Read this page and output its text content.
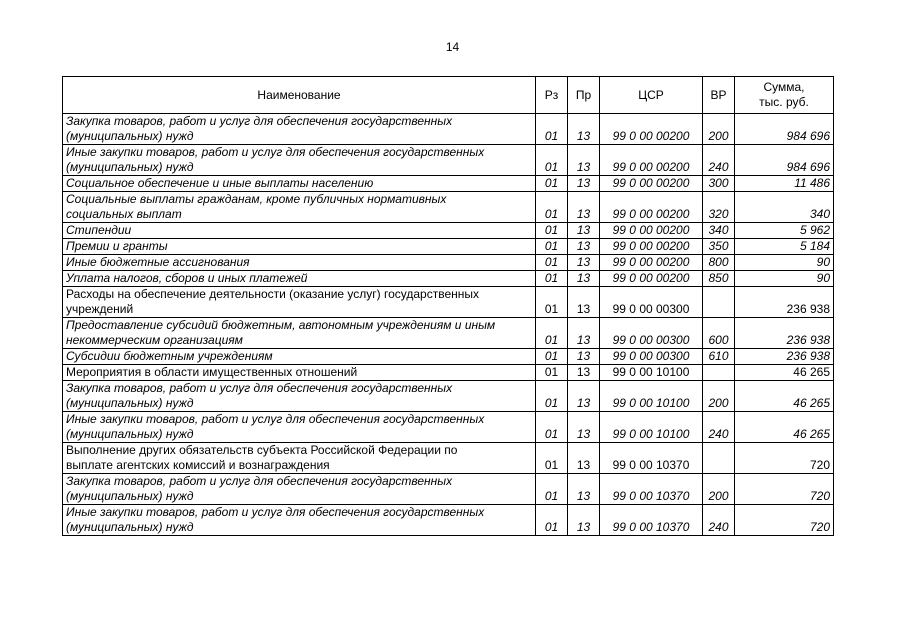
14
Наименование	Рз	Пр	ЦСР	ВР	Сумма,
тыс. руб.
Закупка товаров, работ и услуг для обеспечения государственных
(муниципальных) нужд	01	13	99 0 00 00200	200	984 696
Иные закупки товаров, работ и услуг для обеспечения государственных
(муниципальных) нужд	01	13	99 0 00 00200	240	984 696
Социальное обеспечение и иные выплаты населению	01	13	99 0 00 00200	300	11 486
Социальные выплаты гражданам, кроме публичных нормативных
социальных выплат	01	13	99 0 00 00200	320	340
Стипендии	01	13	99 0 00 00200	340	5 962
Премии и гранты	01	13	99 0 00 00200	350	5 184
Иные бюджетные ассигнования	01	13	99 0 00 00200	800	90
Уплата налогов, сборов и иных платежей	01	13	99 0 00 00200	850	90
Расходы на обеспечение деятельности (оказание услуг) государственных
учреждений	01	13	99 0 00 00300		236 938
Предоставление субсидий бюджетным, автономным учреждениям и иным
некоммерческим организациям	01	13	99 0 00 00300	600	236 938
Субсидии бюджетным учреждениям	01	13	99 0 00 00300	610	236 938
Мероприятия в области имущественных отношений	01	13	99 0 00 10100		46 265
Закупка товаров, работ и услуг для обеспечения государственных
(муниципальных) нужд	01	13	99 0 00 10100	200	46 265
Иные закупки товаров, работ и услуг для обеспечения государственных
(муниципальных) нужд	01	13	99 0 00 10100	240	46 265
Выполнение других обязательств субъекта Российской Федерации по
выплате агентских комиссий и вознаграждения	01	13	99 0 00 10370		720
Закупка товаров, работ и услуг для обеспечения государственных
(муниципальных) нужд	01	13	99 0 00 10370	200	720
Иные закупки товаров, работ и услуг для обеспечения государственных
(муниципальных) нужд	01	13	99 0 00 10370	240	720
